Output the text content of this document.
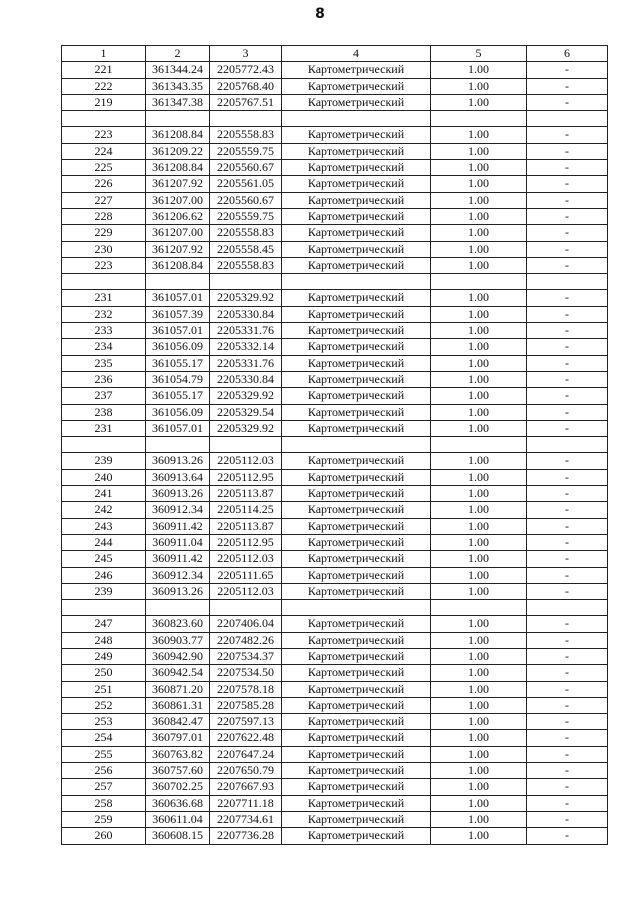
8
1	2	3	4	5	6
221	361344.24	2205772.43	Картометрический	1.00	-
222	361343.35	2205768.40	Картометрический	1.00	-
219	361347.38	2205767.51	Картометрический	1.00	-

223	361208.84	2205558.83	Картометрический	1.00	-
224	361209.22	2205559.75	Картометрический	1.00	-
225	361208.84	2205560.67	Картометрический	1.00	-
226	361207.92	2205561.05	Картометрический	1.00	-
227	361207.00	2205560.67	Картометрический	1.00	-
228	361206.62	2205559.75	Картометрический	1.00	-
229	361207.00	2205558.83	Картометрический	1.00	-
230	361207.92	2205558.45	Картометрический	1.00	-
223	361208.84	2205558.83	Картометрический	1.00	-

231	361057.01	2205329.92	Картометрический	1.00	-
232	361057.39	2205330.84	Картометрический	1.00	-
233	361057.01	2205331.76	Картометрический	1.00	-
234	361056.09	2205332.14	Картометрический	1.00	-
235	361055.17	2205331.76	Картометрический	1.00	-
236	361054.79	2205330.84	Картометрический	1.00	-
237	361055.17	2205329.92	Картометрический	1.00	-
238	361056.09	2205329.54	Картометрический	1.00	-
231	361057.01	2205329.92	Картометрический	1.00	-

239	360913.26	2205112.03	Картометрический	1.00	-
240	360913.64	2205112.95	Картометрический	1.00	-
241	360913.26	2205113.87	Картометрический	1.00	-
242	360912.34	2205114.25	Картометрический	1.00	-
243	360911.42	2205113.87	Картометрический	1.00	-
244	360911.04	2205112.95	Картометрический	1.00	-
245	360911.42	2205112.03	Картометрический	1.00	-
246	360912.34	2205111.65	Картометрический	1.00	-
239	360913.26	2205112.03	Картометрический	1.00	-

247	360823.60	2207406.04	Картометрический	1.00	-
248	360903.77	2207482.26	Картометрический	1.00	-
249	360942.90	2207534.37	Картометрический	1.00	-
250	360942.54	2207534.50	Картометрический	1.00	-
251	360871.20	2207578.18	Картометрический	1.00	-
252	360861.31	2207585.28	Картометрический	1.00	-
253	360842.47	2207597.13	Картометрический	1.00	-
254	360797.01	2207622.48	Картометрический	1.00	-
255	360763.82	2207647.24	Картометрический	1.00	-
256	360757.60	2207650.79	Картометрический	1.00	-
257	360702.25	2207667.93	Картометрический	1.00	-
258	360636.68	2207711.18	Картометрический	1.00	-
259	360611.04	2207734.61	Картометрический	1.00	-
260	360608.15	2207736.28	Картометрический	1.00	-
